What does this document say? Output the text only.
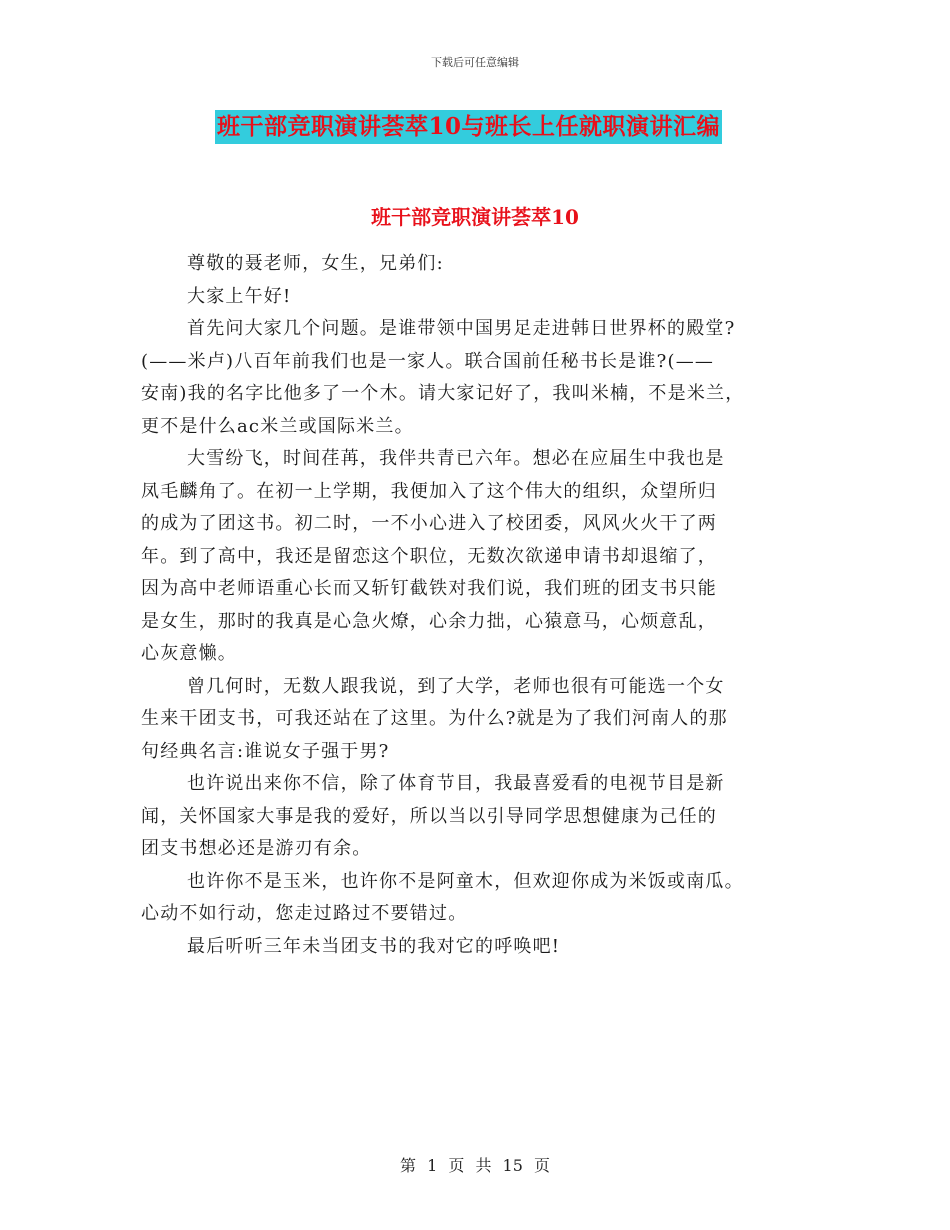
下载后可任意编辑
班干部竞职演讲荟萃10与班长上任就职演讲汇编
班干部竞职演讲荟萃10

尊敬的聂老师，女生，兄弟们:
大家上午好!

首先问大家几个问题。是谁带领中国男足走进韩日世界杯的殿堂?
(——米卢)八百年前我们也是一家人。联合国前任秘书长是谁?(——
安南)我的名字比他多了一个木。请大家记好了，我叫米楠，不是米兰，
更不是什么ac米兰或国际米兰。

大雪纷飞，时间荏苒，我伴共青已六年。想必在应届生中我也是
凤毛麟角了。在初一上学期，我便加入了这个伟大的组织，众望所归
的成为了团这书。初二时，一不小心进入了校团委，风风火火干了两
年。到了高中，我还是留恋这个职位，无数次欲递申请书却退缩了，
因为高中老师语重心长而又斩钉截铁对我们说，我们班的团支书只能
是女生，那时的我真是心急火燎，心余力拙，心猿意马，心烦意乱，
心灰意懒。

曾几何时，无数人跟我说，到了大学，老师也很有可能选一个女
生来干团支书，可我还站在了这里。为什么?就是为了我们河南人的那
句经典名言:谁说女子强于男?

也许说出来你不信，除了体育节目，我最喜爱看的电视节目是新
闻，关怀国家大事是我的爱好，所以当以引导同学思想健康为己任的
团支书想必还是游刃有余。

也许你不是玉米，也许你不是阿童木，但欢迎你成为米饭或南瓜。
心动不如行动，您走过路过不要错过。

最后听听三年未当团支书的我对它的呼唤吧!

第 1 页 共 15 页
